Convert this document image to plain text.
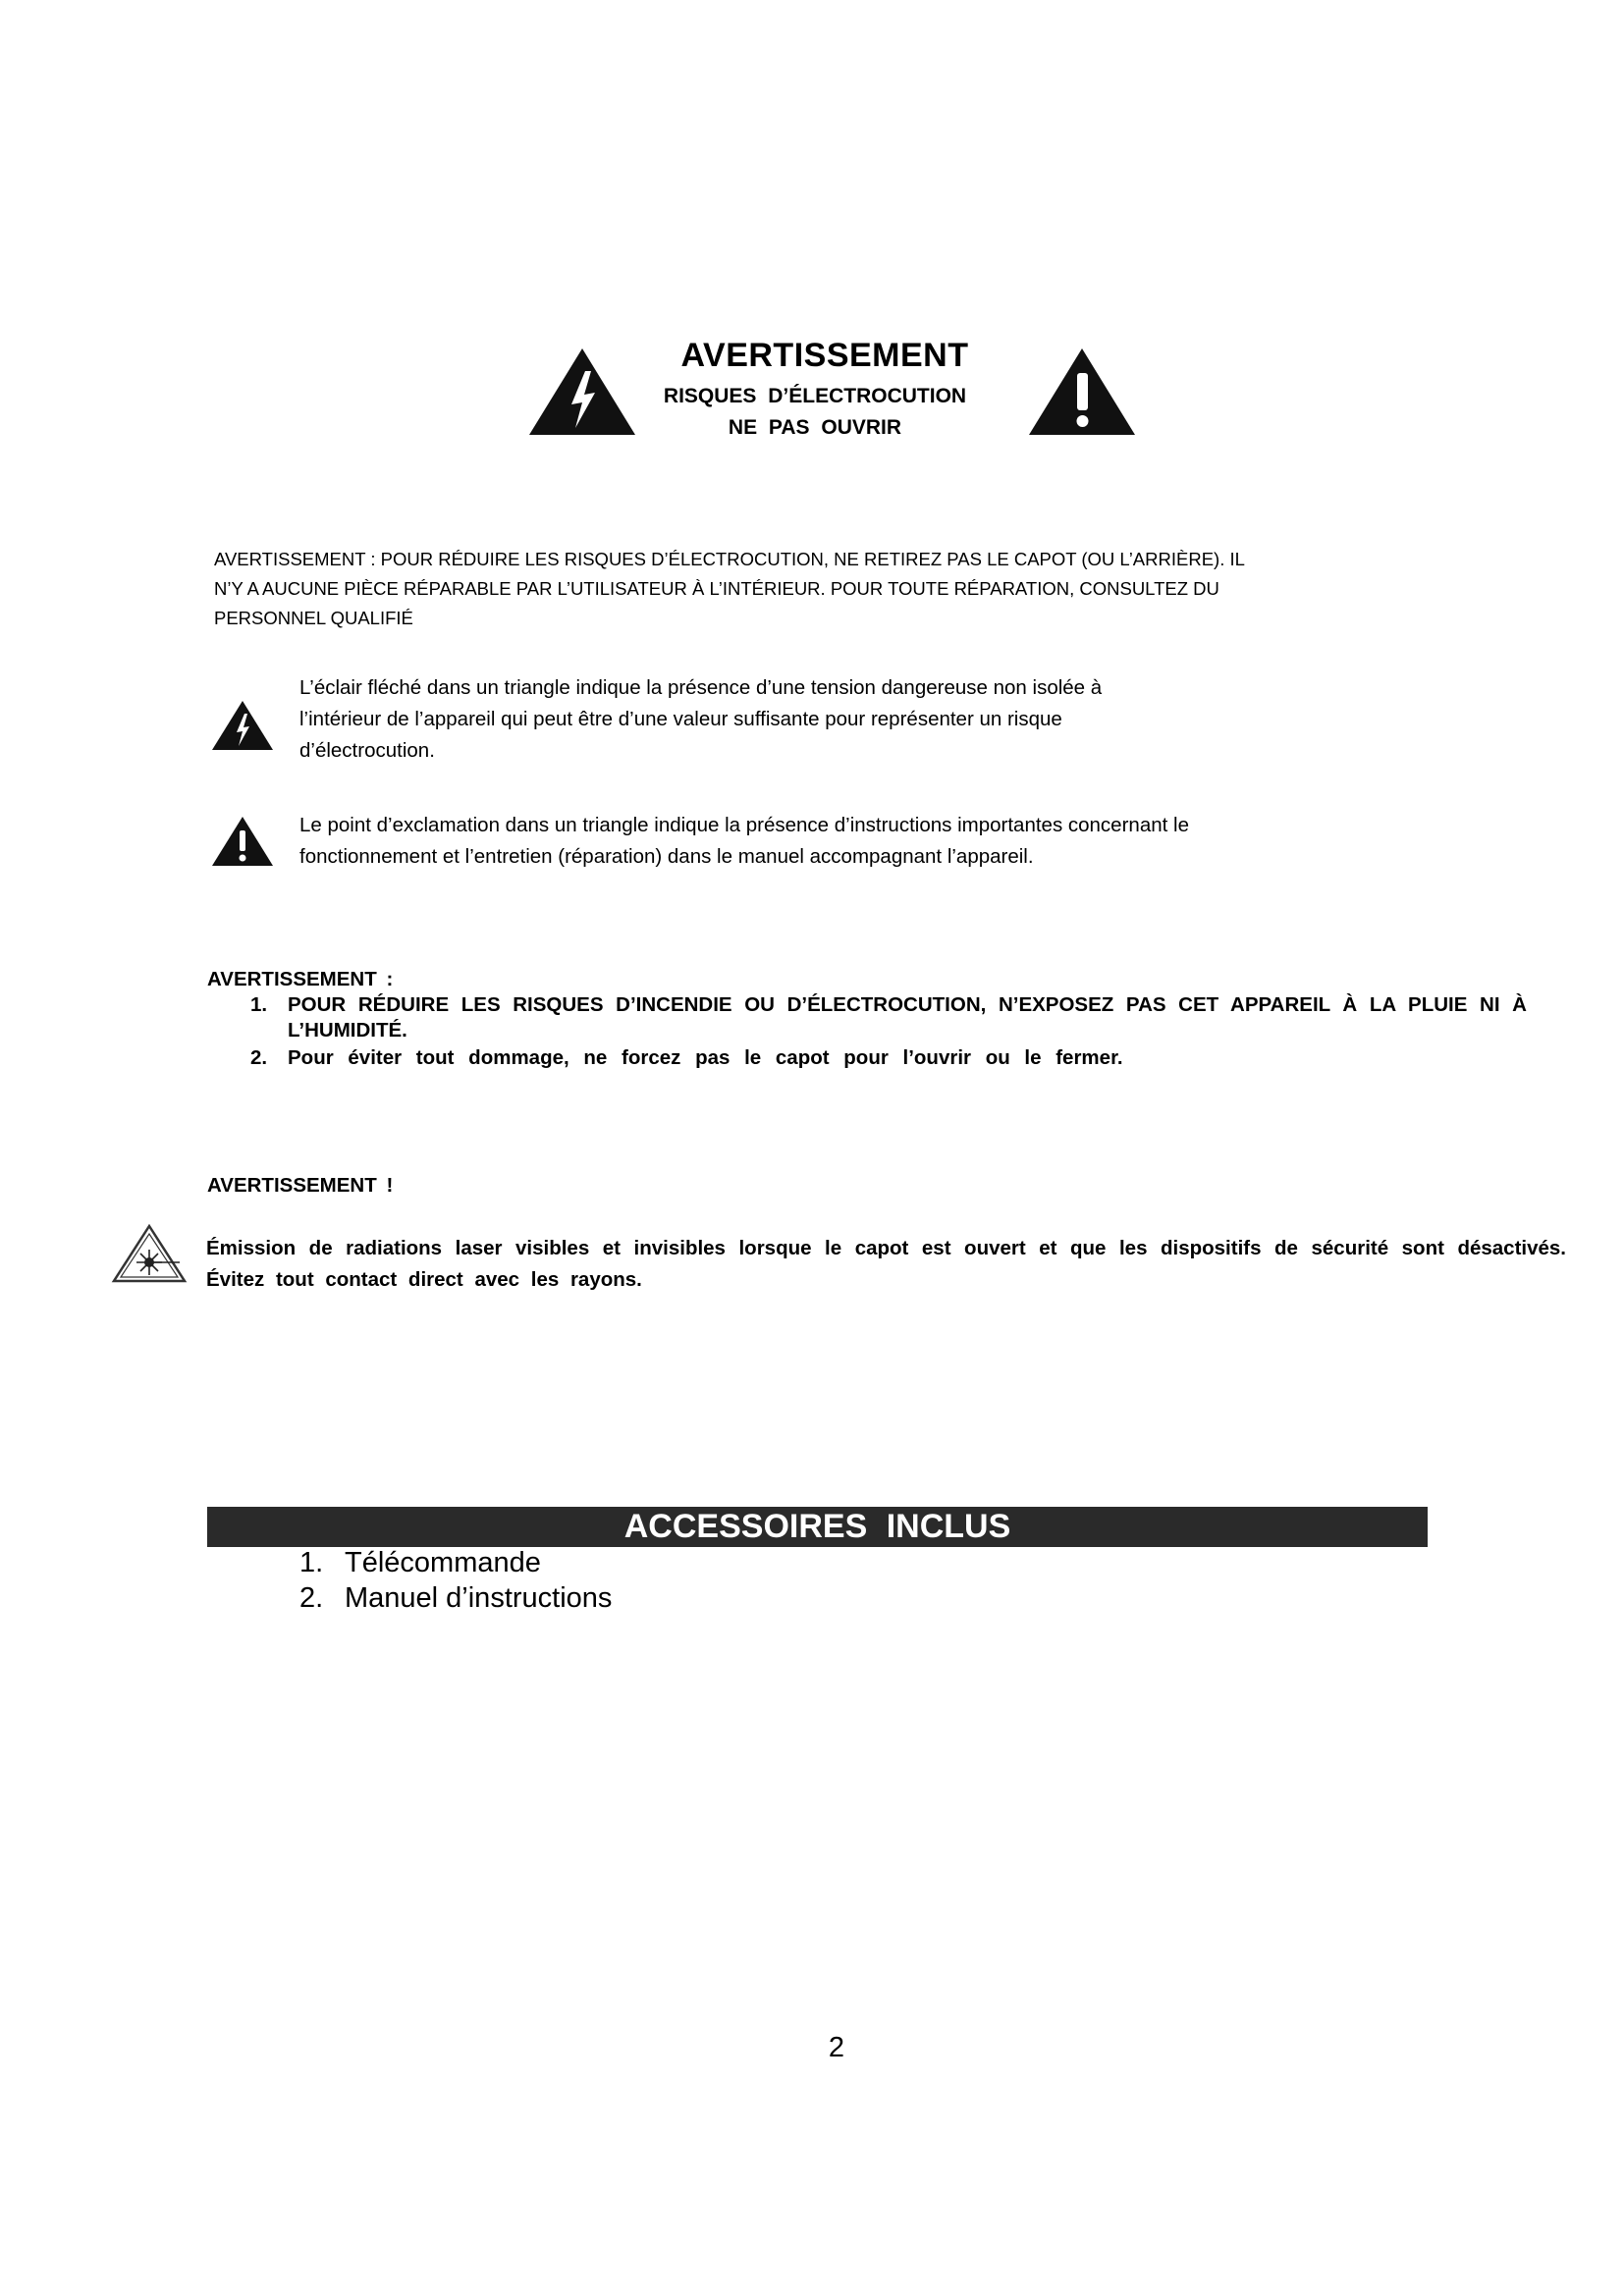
AVERTISSEMENT
RISQUES D’ÉLECTROCUTION
NE PAS OUVRIR
AVERTISSEMENT : POUR RÉDUIRE LES RISQUES D’ÉLECTROCUTION, NE RETIREZ PAS LE CAPOT (OU L’ARRIÈRE). IL
N’Y A AUCUNE PIÈCE RÉPARABLE PAR L’UTILISATEUR À L’INTÉRIEUR. POUR TOUTE RÉPARATION, CONSULTEZ DU
PERSONNEL QUALIFIÉ
L’éclair fléché dans un triangle indique la présence d’une tension dangereuse non isolée à
l’intérieur de l’appareil qui peut être d’une valeur suffisante pour représenter un risque
d’électrocution.
Le point d’exclamation dans un triangle indique la présence d’instructions importantes concernant le
fonctionnement et l’entretien (réparation) dans le manuel accompagnant l’appareil.
AVERTISSEMENT :
1. POUR RÉDUIRE LES RISQUES D’INCENDIE OU D’ÉLECTROCUTION, N’EXPOSEZ PAS CET APPAREIL À LA PLUIE NI À L’HUMIDITÉ.
2. Pour éviter tout dommage, ne forcez pas le capot pour l’ouvrir ou le fermer.
AVERTISSEMENT !
Émission de radiations laser visibles et invisibles lorsque le capot est ouvert et que les dispositifs de sécurité sont désactivés. Évitez tout contact direct avec les rayons.
ACCESSOIRES INCLUS
1. Télécommande
2. Manuel d’instructions
2
